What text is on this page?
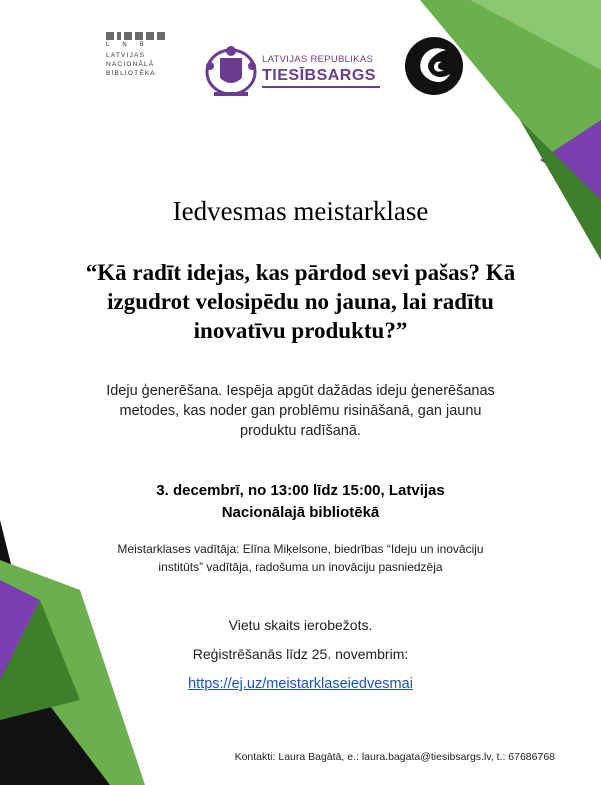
LNB
LATVIJAS
NACIONĀLĀ
BIBLIOTĒKA
LATVIJAS REPUBLIKAS
TIESĪBSARGS
Iedvesmas meistarklase
“Kā radīt idejas, kas pārdod sevi pašas? Kā
izgudrot velosipēdu no jauna, lai radītu
inovatīvu produktu?”
Ideju ģenerēšana. Iespēja apgūt dažādas ideju ģenerēšanas
metodes, kas noder gan problēmu risināšanā, gan jaunu
produktu radīšanā.
3. decembrī, no 13:00 līdz 15:00, Latvijas
Nacionālajā bibliotēkā
Meistarklases vadītāja: Elīna Miķelsone, biedrības “Ideju un inovāciju
institūts” vadītāja, radošuma un inovāciju pasniedzēja
Vietu skaits ierobežots.
Reģistrēšanās līdz 25. novembrim:
https://ej.uz/meistarklaseiedvesmai
Kontakti: Laura Bagātā, e.: laura.bagata@tiesibsargs.lv, t.: 67686768
